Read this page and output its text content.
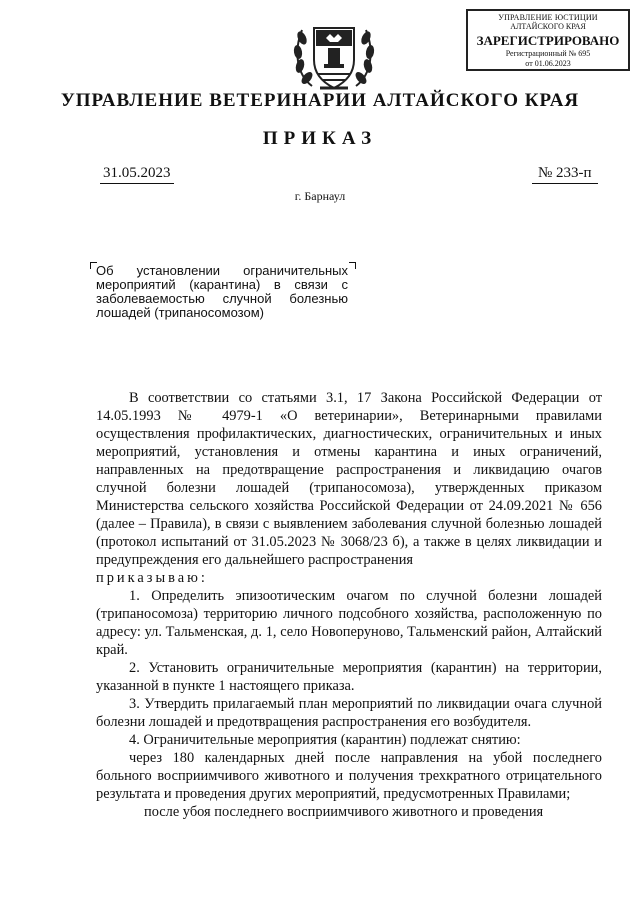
УПРАВЛЕНИЕ ЮСТИЦИИ
АЛТАЙСКОГО КРАЯ
ЗАРЕГИСТРИРОВАНО
Регистрационный № 695
от 01.06.2023
УПРАВЛЕНИЕ ВЕТЕРИНАРИИ АЛТАЙСКОГО КРАЯ
ПРИКАЗ
31.05.2023	№ 233-п
г. Барнаул
Об установлении ограничительных мероприятий (карантина) в связи с заболеваемостью случной болезнью лошадей (трипаносомозом)

В соответствии со статьями 3.1, 17 Закона Российской Федерации от 14.05.1993 № 4979-1 «О ветеринарии», Ветеринарными правилами осуществления профилактических, диагностических, ограничительных и иных мероприятий, установления и отмены карантина и иных ограничений, направленных на предотвращение распространения и ликвидацию очагов случной болезни лошадей (трипаносомоза), утвержденных приказом Министерства сельского хозяйства Российской Федерации от 24.09.2021 № 656 (далее – Правила), в связи с выявлением заболевания случной болезнью лошадей (протокол испытаний от 31.05.2023 № 3068/23 б), а также в целях ликвидации и предупреждения его дальнейшего распространения

приказываю:

1. Определить эпизоотическим очагом по случной болезни лошадей (трипаносомоза) территорию личного подсобного хозяйства, расположенную по адресу: ул. Тальменская, д. 1, село Новоперуново, Тальменский район, Алтайский край.

2. Установить ограничительные мероприятия (карантин) на территории, указанной в пункте 1 настоящего приказа.

3. Утвердить прилагаемый план мероприятий по ликвидации очага случной болезни лошадей и предотвращения распространения его возбудителя.

4. Ограничительные мероприятия (карантин) подлежат снятию:

через 180 календарных дней после направления на убой последнего больного восприимчивого животного и получения трехкратного отрицательного результата и проведения других мероприятий, предусмотренных Правилами;

после убоя последнего восприимчивого животного и проведения
